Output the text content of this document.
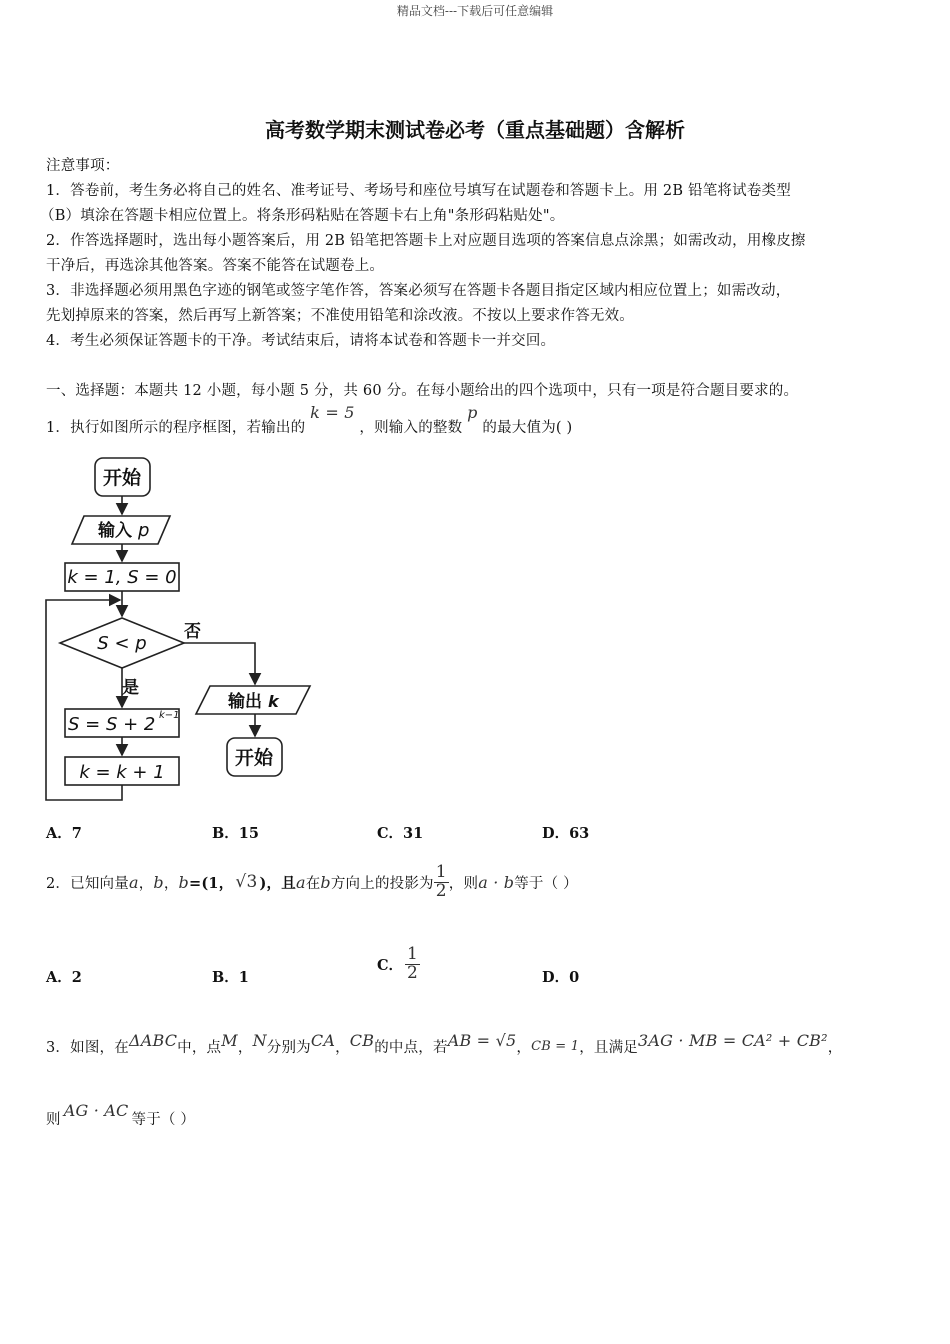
精品文档---下载后可任意编辑
高考数学期末测试卷必考（重点基础题）含解析
注意事项：
1．答卷前，考生务必将自己的姓名、准考证号、考场号和座位号填写在试题卷和答题卡上。用 2B 铅笔将试卷类型
（B）填涂在答题卡相应位置上。将条形码粘贴在答题卡右上角"条形码粘贴处"。
2．作答选择题时，选出每小题答案后，用 2B 铅笔把答题卡上对应题目选项的答案信息点涂黑；如需改动，用橡皮擦
干净后，再选涂其他答案。答案不能答在试题卷上。
3．非选择题必须用黑色字迹的钢笔或签字笔作答，答案必须写在答题卡各题目指定区域内相应位置上；如需改动，
先划掉原来的答案，然后再写上新答案；不准使用铅笔和涂改液。不按以上要求作答无效。
4．考生必须保证答题卡的干净。考试结束后，请将本试卷和答题卡一并交回。
一、选择题：本题共 12 小题，每小题 5 分，共 60 分。在每小题给出的四个选项中，只有一项是符合题目要求的。
1．执行如图所示的程序框图，若输出的 k = 5 ，则输入的整数 p 的最大值为( )
开始
输入 p
k = 1, S = 0
S < p
否
是
S = S + 2 k−1
k = k + 1
输出 k
开始
A．7	B．15	C．31	D．63
2．已知向量 a ， b ， b =(1， √3 )，且 a 在 b 方向上的投影为 $\frac{1}{2}$ ，则 a · b 等于（ ）
A．2	B．1
C． $\frac{1}{2}$	D．0
3．如图，在 ΔABC 中，点 M ， N 分别为 CA ， CB 的中点，若 AB = √5 ， CB = 1 ，且满足 3AG · MB = CA² + CB² ，
则 AG · AC 等于（ ）
